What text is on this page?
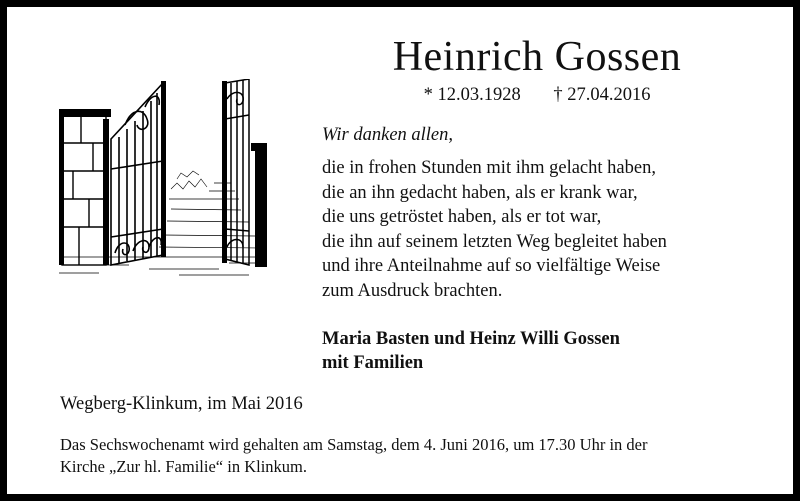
Heinrich Gossen
* 12.03.1928 † 27.04.2016
Wir danken allen,
die in frohen Stunden mit ihm gelacht haben,
die an ihn gedacht haben, als er krank war,
die uns getröstet haben, als er tot war,
die ihn auf seinem letzten Weg begleitet haben
und ihre Anteilnahme auf so vielfältige Weise
zum Ausdruck brachten.
Maria Basten und Heinz Willi Gossen
mit Familien
Wegberg-Klinkum, im Mai 2016
Das Sechswochenamt wird gehalten am Samstag, dem 4. Juni 2016, um 17.30 Uhr in der
Kirche „Zur hl. Familie“ in Klinkum.
